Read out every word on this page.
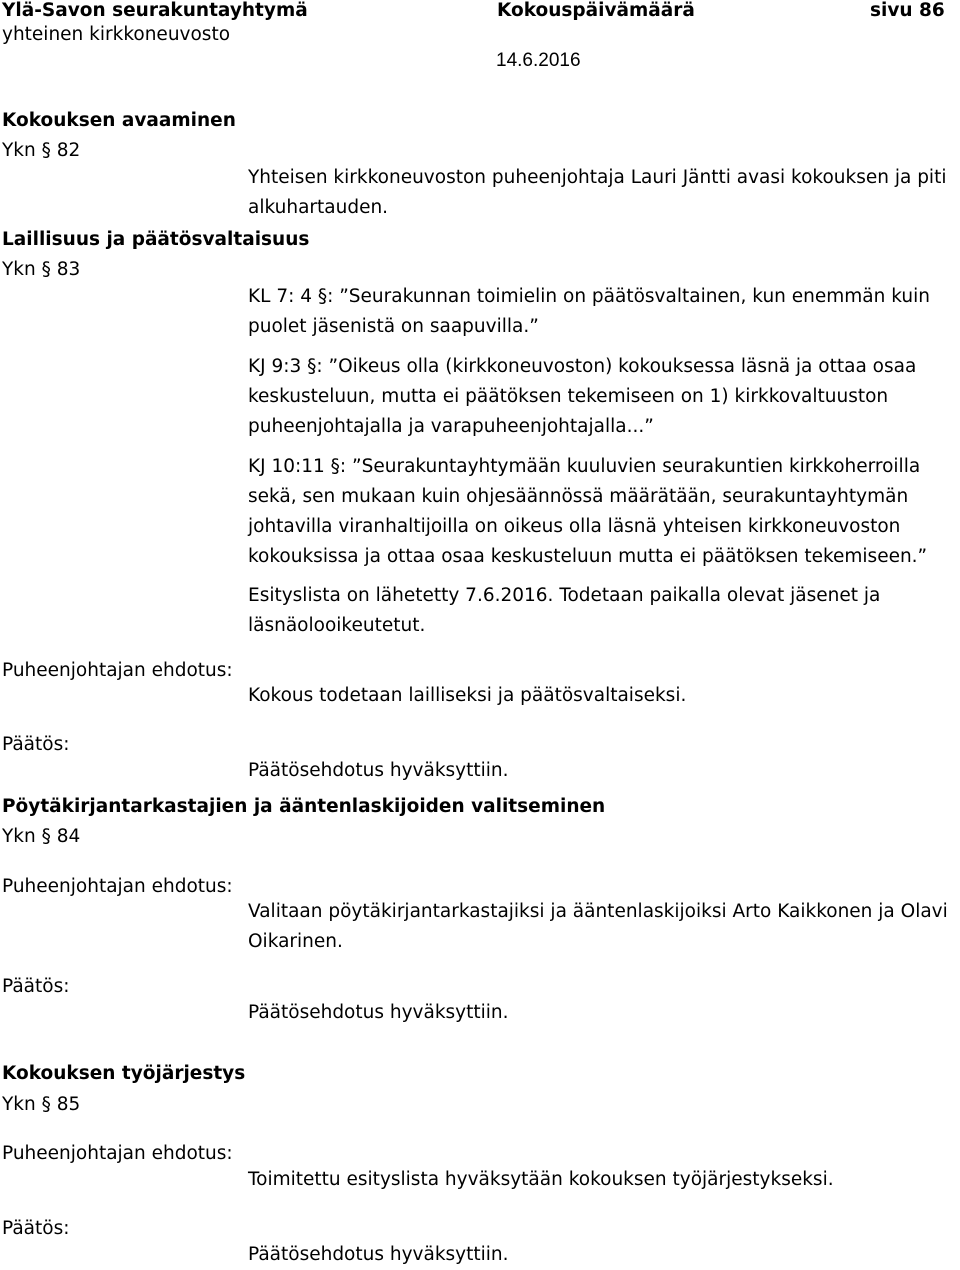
Ylä-Savon seurakuntayhtymä
yhteinen kirkkoneuvosto
Kokouspäivämäärä
14.6.2016
sivu 86
Kokouksen avaaminen
Ykn § 82

Yhteisen kirkkoneuvoston puheenjohtaja Lauri Jäntti avasi kokouksen ja piti alkuhartauden.

Laillisuus ja päätösvaltaisuus
Ykn § 83

KL 7: 4 §: ”Seurakunnan toimielin on päätösvaltainen, kun enemmän kuin puolet jäsenistä on saapuvilla.”

KJ 9:3 §: ”Oikeus olla (kirkkoneuvoston) kokouksessa läsnä ja ottaa osaa keskusteluun, mutta ei päätöksen tekemiseen on 1) kirkkovaltuuston puheenjohtajalla ja varapuheenjohtajalla...”

KJ 10:11 §: ”Seurakuntayhtymään kuuluvien seurakuntien kirkkoherroilla sekä, sen mukaan kuin ohjesäännössä määrätään, seurakuntayhtymän johtavilla viranhaltijoilla on oikeus olla läsnä yhteisen kirkkoneuvoston kokouksissa ja ottaa osaa keskusteluun mutta ei päätöksen tekemiseen.”

Esityslista on lähetetty 7.6.2016. Todetaan paikalla olevat jäsenet ja läsnäolooikeutetut.

Puheenjohtajan ehdotus:

Kokous todetaan lailliseksi ja päätösvaltaiseksi.

Päätös:

Päätösehdotus hyväksyttiin.

Pöytäkirjantarkastajien ja ääntenlaskijoiden valitseminen
Ykn § 84
Puheenjohtajan ehdotus:

Valitaan pöytäkirjantarkastajiksi ja ääntenlaskijoiksi Arto Kaikkonen ja Olavi Oikarinen.

Päätös:

Päätösehdotus hyväksyttiin.

Kokouksen työjärjestys
Ykn § 85
Puheenjohtajan ehdotus:

Toimitettu esityslista hyväksytään kokouksen työjärjestykseksi.

Päätös:

Päätösehdotus hyväksyttiin.
